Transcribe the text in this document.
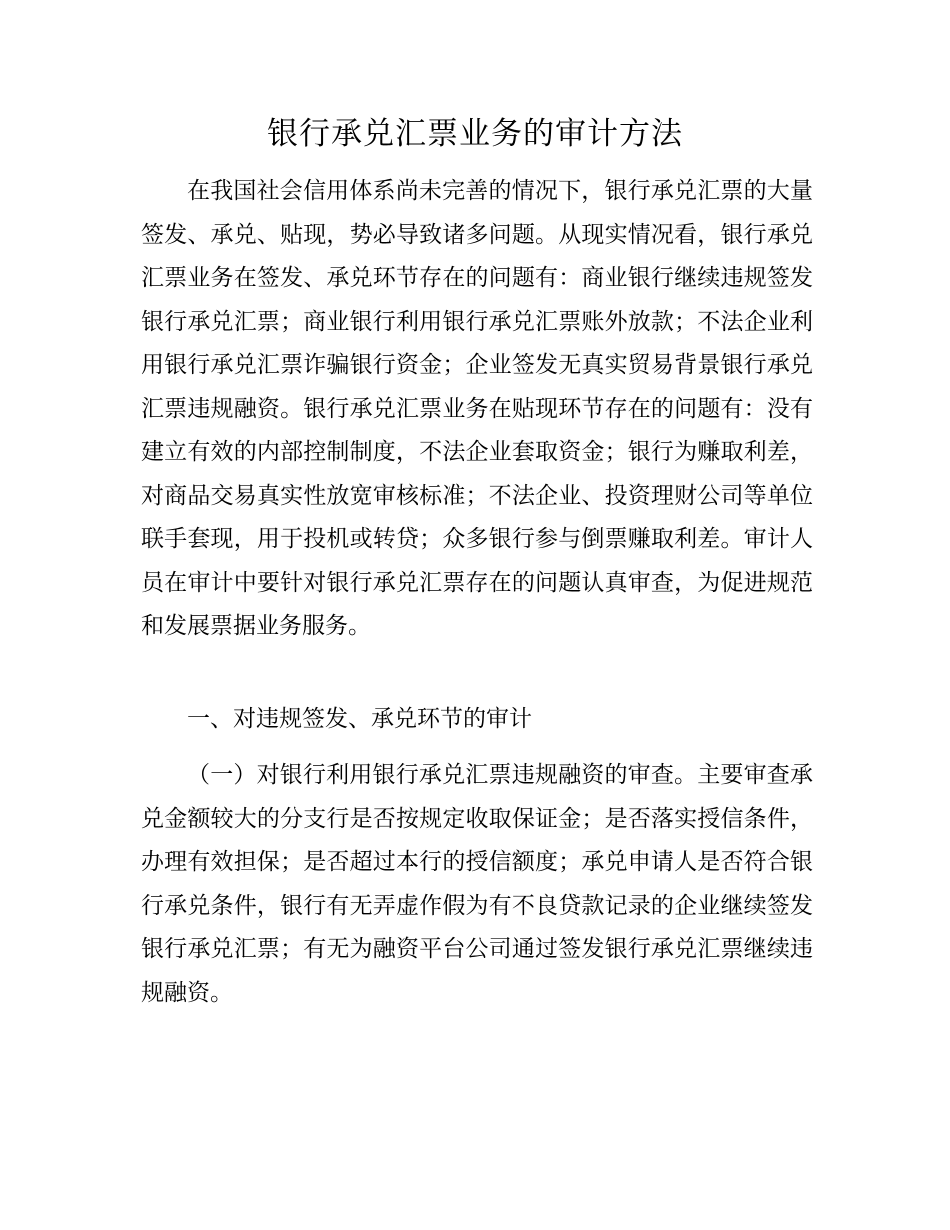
银行承兑汇票业务的审计方法

在我国社会信用体系尚未完善的情况下，银行承兑汇票的大量签发、承兑、贴现，势必导致诸多问题。从现实情况看，银行承兑汇票业务在签发、承兑环节存在的问题有：商业银行继续违规签发银行承兑汇票；商业银行利用银行承兑汇票账外放款；不法企业利用银行承兑汇票诈骗银行资金；企业签发无真实贸易背景银行承兑汇票违规融资。银行承兑汇票业务在贴现环节存在的问题有：没有建立有效的内部控制制度，不法企业套取资金；银行为赚取利差，对商品交易真实性放宽审核标准；不法企业、投资理财公司等单位联手套现，用于投机或转贷；众多银行参与倒票赚取利差。审计人员在审计中要针对银行承兑汇票存在的问题认真审查，为促进规范和发展票据业务服务。

一、对违规签发、承兑环节的审计

（一）对银行利用银行承兑汇票违规融资的审查。主要审查承兑金额较大的分支行是否按规定收取保证金；是否落实授信条件，办理有效担保；是否超过本行的授信额度；承兑申请人是否符合银行承兑条件，银行有无弄虚作假为有不良贷款记录的企业继续签发银行承兑汇票；有无为融资平台公司通过签发银行承兑汇票继续违规融资。
